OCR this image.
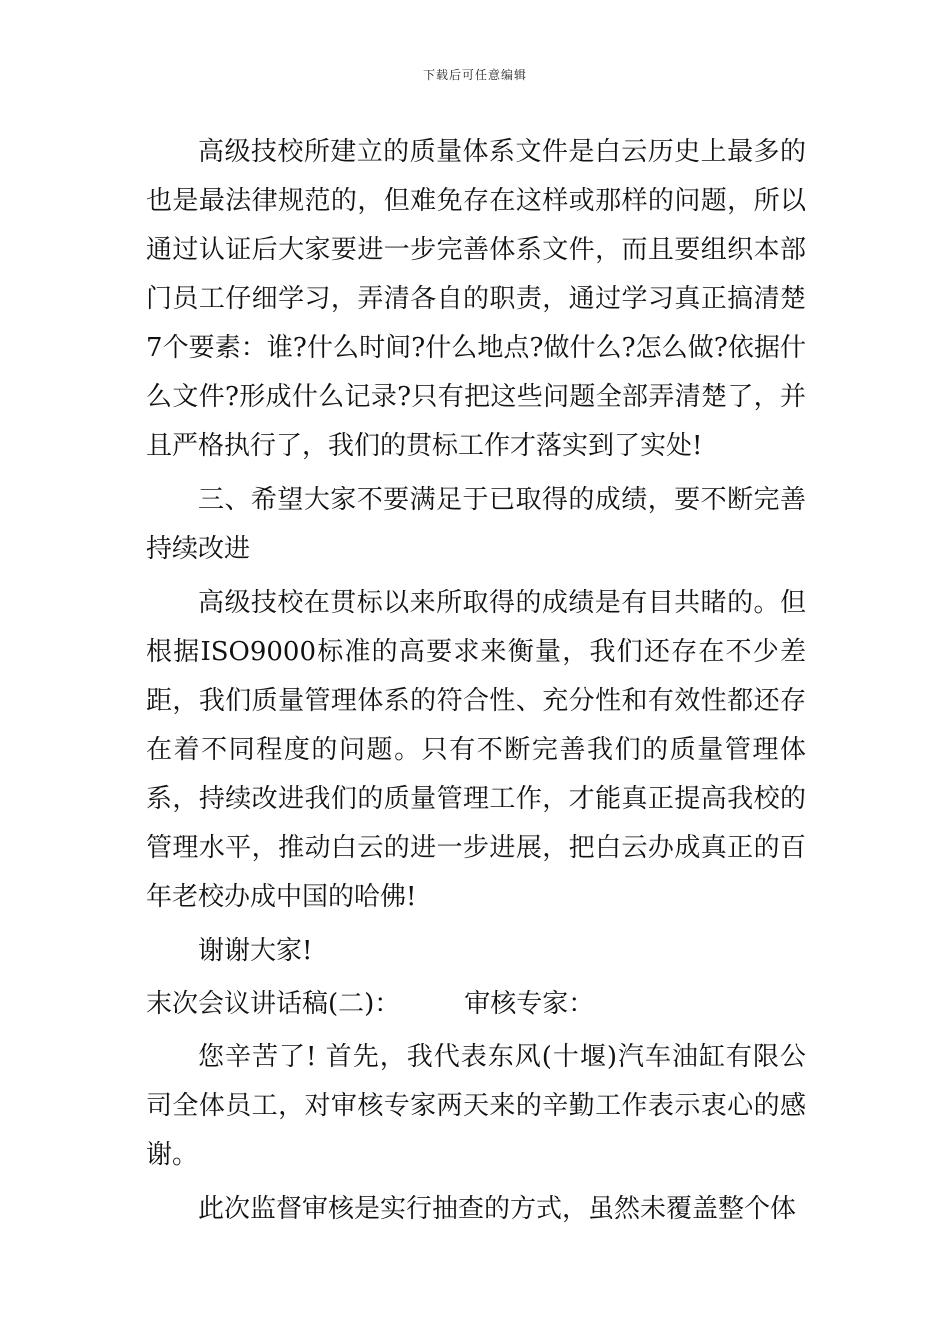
下载后可任意编辑

高级技校所建立的质量体系文件是白云历史上最多的也是最法律规范的，但难免存在这样或那样的问题，所以通过认证后大家要进一步完善体系文件，而且要组织本部门员工仔细学习，弄清各自的职责，通过学习真正搞清楚7个要素：谁?什么时间?什么地点?做什么?怎么做?依据什么文件?形成什么记录?只有把这些问题全部弄清楚了，并且严格执行了，我们的贯标工作才落实到了实处!

三、希望大家不要满足于已取得的成绩，要不断完善持续改进

高级技校在贯标以来所取得的成绩是有目共睹的。但根据ISO9000标准的高要求来衡量，我们还存在不少差距，我们质量管理体系的符合性、充分性和有效性都还存在着不同程度的问题。只有不断完善我们的质量管理体系，持续改进我们的质量管理工作，才能真正提高我校的管理水平，推动白云的进一步进展，把白云办成真正的百年老校办成中国的哈佛!

谢谢大家!

末次会议讲话稿(二)： 审核专家：

您辛苦了! 首先，我代表东风(十堰)汽车油缸有限公司全体员工，对审核专家两天来的辛勤工作表示衷心的感谢。

此次监督审核是实行抽查的方式，虽然未覆盖整个体
